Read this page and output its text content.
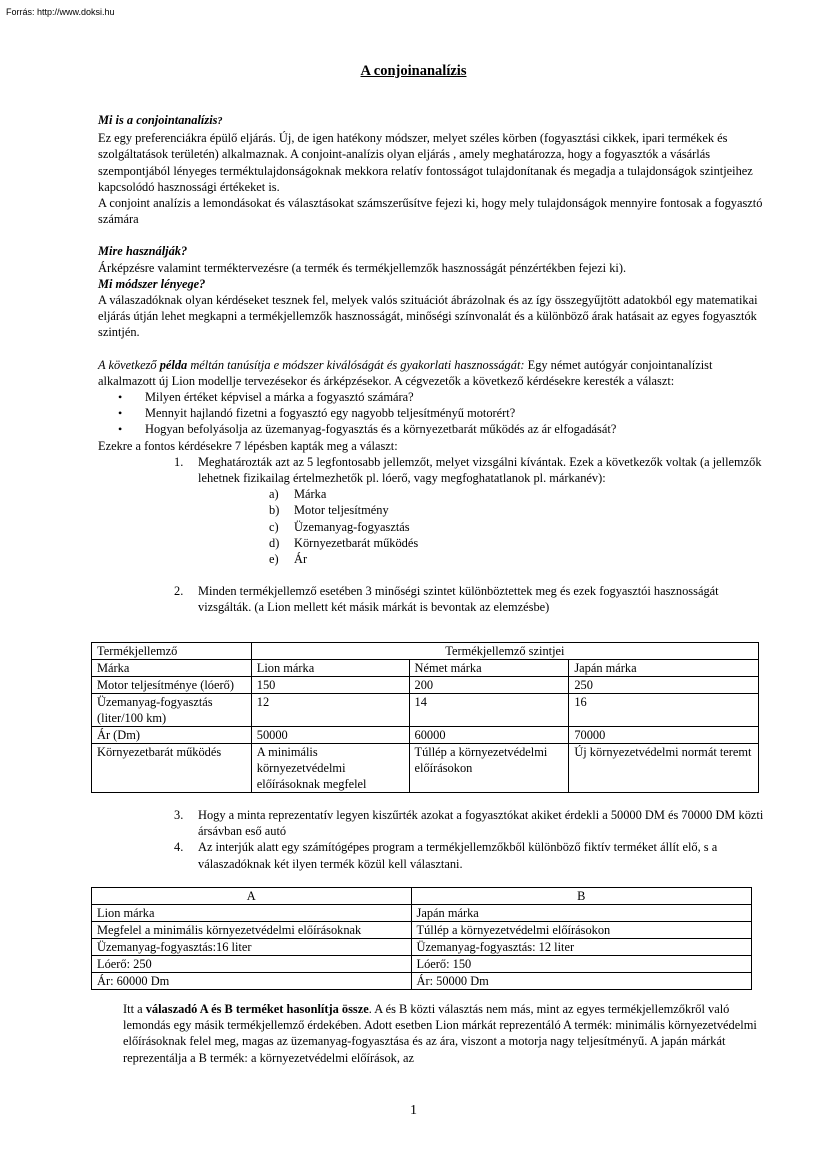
Forrás: http://www.doksi.hu
A conjoinanalízis

Mi is a conjointanalízis?

Ez egy preferenciákra épülő eljárás. Új, de igen hatékony módszer, melyet széles körben (fogyasztási cikkek, ipari termékek és szolgáltatások területén) alkalmaznak. A conjoint-analízis olyan eljárás , amely meghatározza, hogy a fogyasztók a vásárlás szempontjából lényeges terméktulajdonságoknak mekkora relatív fontosságot tulajdonítanak és megadja a tulajdonságok szintjeihez kapcsolódó hasznossági értékeket is.

A conjoint analízis a lemondásokat és választásokat számszerűsítve fejezi ki, hogy mely tulajdonságok mennyire fontosak a fogyasztó számára

Mire használják?

Árképzésre valamint terméktervezésre (a termék és termékjellemzők hasznosságát pénzértékben fejezi ki).

Mi módszer lényege?

A válaszadóknak olyan kérdéseket tesznek fel, melyek valós szituációt ábrázolnak és az így összegyűjtött adatokból egy matematikai eljárás útján lehet megkapni a termékjellemzők hasznosságát, minőségi színvonalát és a különböző árak hatásait az egyes fogyasztók szintjén.

A következő példa méltán tanúsítja e módszer kiválóságát és gyakorlati hasznosságát: Egy német autógyár conjointanalízist alkalmazott új Lion modellje tervezésekor és árképzésekor. A cégvezetők a következő kérdésekre keresték a választ:

• Milyen értéket képvisel a márka a fogyasztó számára?
• Mennyit hajlandó fizetni a fogyasztó egy nagyobb teljesítményű motorért?
• Hogyan befolyásolja az üzemanyag-fogyasztás és a környezetbarát működés az ár elfogadását?

Ezekre a fontos kérdésekre 7 lépésben kapták meg a választ:

1. Meghatározták azt az 5 legfontosabb jellemzőt, melyet vizsgálni kívántak. Ezek a következők voltak (a jellemzők lehetnek fizikailag értelmezhetők pl. lóerő, vagy megfoghatatlanok pl. márkanév):
a) Márka
b) Motor teljesítmény
c) Üzemanyag-fogyasztás
d) Környezetbarát működés
e) Ár
2. Minden termékjellemző esetében 3 minőségi szintet különböztettek meg és ezek fogyasztói hasznosságát vizsgálták. (a Lion mellett két másik márkát is bevontak az elemzésbe)
Termékjellemző	Termékjellemző szintjei		
Márka	Lion márka	Német márka	Japán márka
Motor teljesítménye (lóerő)	150	200	250
Üzemanyag-fogyasztás (liter/100 km)	12	14	16
Ár (Dm)	50000	60000	70000
Környezetbarát működés	A minimális környezetvédelmi előírásoknak megfelel	Túllép a környezetvédelmi előírásokon	Új környezetvédelmi normát teremt
3. Hogy a minta reprezentatív legyen kiszűrték azokat a fogyasztókat akiket érdekli a 50000 DM és 70000 DM közti ársávban eső autó
4. Az interjúk alatt egy számítógépes program a termékjellemzőkből különböző fiktív terméket állít elő, s a válaszadóknak két ilyen termék közül kell választani.
A	B
Lion márka	Japán márka
Megfelel a minimális környezetvédelmi előírásoknak	Túllép a környezetvédelmi előírásokon
Üzemanyag-fogyasztás:16 liter	Üzemanyag-fogyasztás: 12 liter
Lóerő: 250	Lóerő: 150
Ár: 60000 Dm	Ár: 50000 Dm

Itt a válaszadó A és B terméket hasonlítja össze. A és B közti választás nem más, mint az egyes termékjellemzőkről való lemondás egy másik termékjellemző érdekében. Adott esetben Lion márkát reprezentáló A termék: minimális környezetvédelmi előírásoknak felel meg, magas az üzemanyag-fogyasztása és az ára, viszont a motorja nagy teljesítményű. A japán márkát reprezentálja a B termék: a környezetvédelmi előírások, az

1
